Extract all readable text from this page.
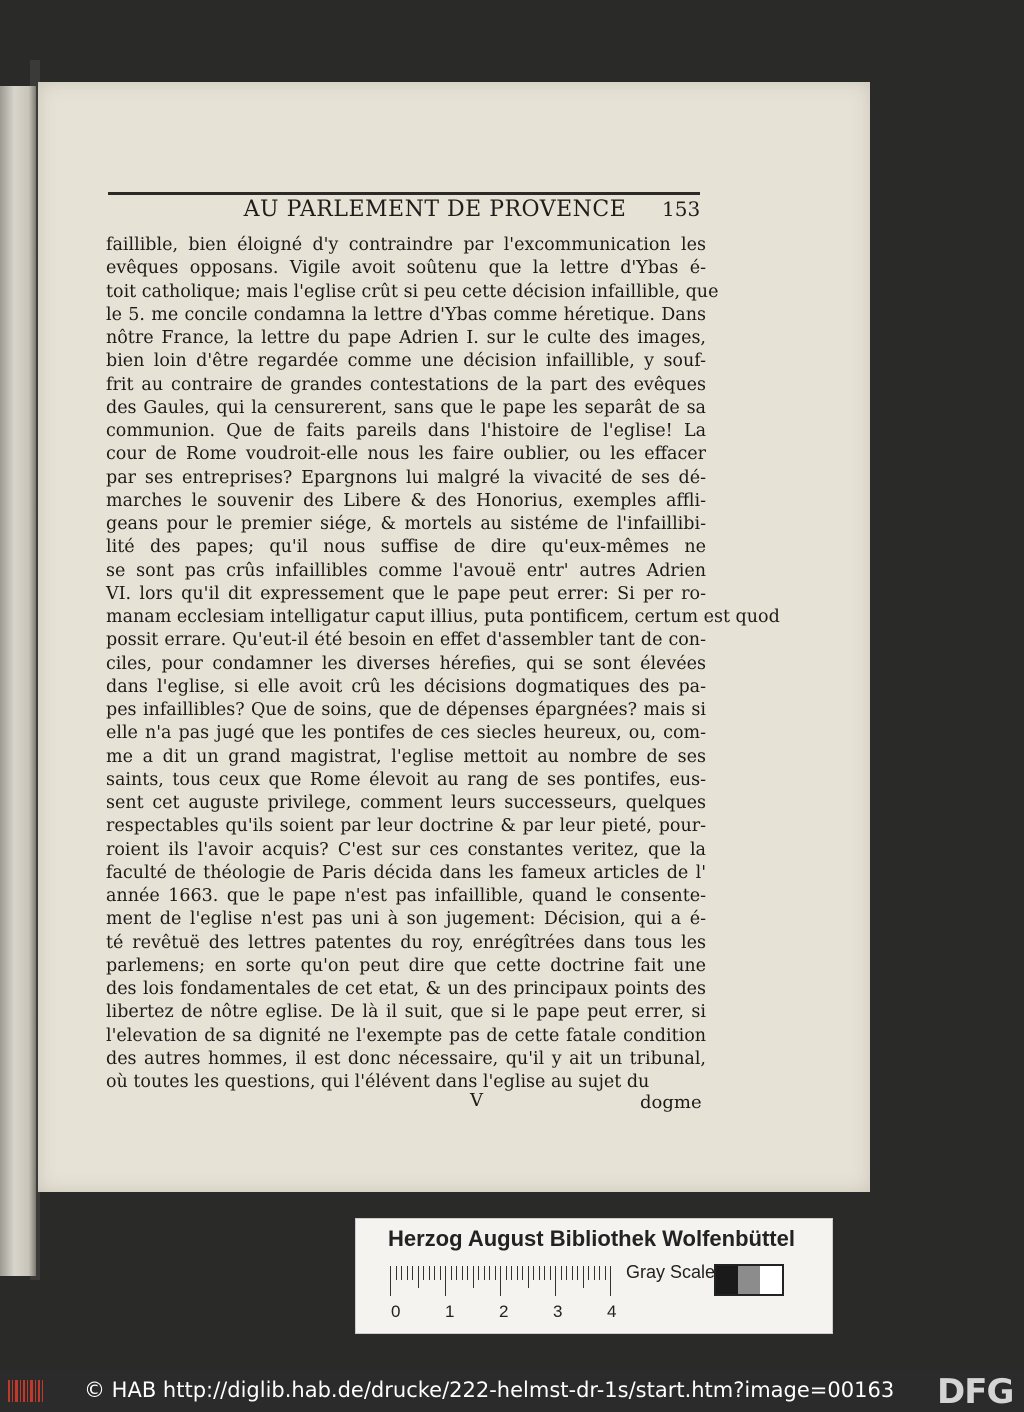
AU PARLEMENT DE PROVENCE	153
faillible, bien éloigné d'y contraindre par l'excommunication les
evêques opposans. Vigile avoit soûtenu que la lettre d'Ybas é-
toit catholique; mais l'eglise crût si peu cette décision infaillible, que
le 5. me concile condamna la lettre d'Ybas comme héretique. Dans
nôtre France, la lettre du pape Adrien I. sur le culte des images,
bien loin d'être regardée comme une décision infaillible, y souf-
frit au contraire de grandes contestations de la part des evêques
des Gaules, qui la censurerent, sans que le pape les separât de sa
communion. Que de faits pareils dans l'histoire de l'eglise! La
cour de Rome voudroit-elle nous les faire oublier, ou les effacer
par ses entreprises? Epargnons lui malgré la vivacité de ses dé-
marches le souvenir des Libere & des Honorius, exemples affli-
geans pour le premier siége, & mortels au sistéme de l'infaillibi-
lité des papes; qu'il nous suffise de dire qu'eux-mêmes ne
se sont pas crûs infaillibles comme l'avouë entr' autres Adrien
VI. lors qu'il dit expressement que le pape peut errer: Si per ro-
manam ecclesiam intelligatur caput illius, puta pontificem, certum est quod
possit errare. Qu'eut-il été besoin en effet d'assembler tant de con-
ciles, pour condamner les diverses hérefies, qui se sont élevées
dans l'eglise, si elle avoit crû les décisions dogmatiques des pa-
pes infaillibles? Que de soins, que de dépenses épargnées? mais si
elle n'a pas jugé que les pontifes de ces siecles heureux, ou, com-
me a dit un grand magistrat, l'eglise mettoit au nombre de ses
saints, tous ceux que Rome élevoit au rang de ses pontifes, eus-
sent cet auguste privilege, comment leurs successeurs, quelques
respectables qu'ils soient par leur doctrine & par leur pieté, pour-
roient ils l'avoir acquis? C'est sur ces constantes veritez, que la
faculté de théologie de Paris décida dans les fameux articles de l'
année 1663. que le pape n'est pas infaillible, quand le consente-
ment de l'eglise n'est pas uni à son jugement: Décision, qui a é-
té revêtuë des lettres patentes du roy, enrégîtrées dans tous les
parlemens; en sorte qu'on peut dire que cette doctrine fait une
des lois fondamentales de cet etat, & un des principaux points des
libertez de nôtre eglise. De là il suit, que si le pape peut errer, si
l'elevation de sa dignité ne l'exempte pas de cette fatale condition
des autres hommes, il est donc nécessaire, qu'il y ait un tribunal,
où toutes les questions, qui l'élévent dans l'eglise au sujet du
V	dogme
Herzog August Bibliothek Wolfenbüttel
0	1	2	3	4
Gray Scale
© HAB http://diglib.hab.de/drucke/222-helmst-dr-1s/start.htm?image=00163 DFG
